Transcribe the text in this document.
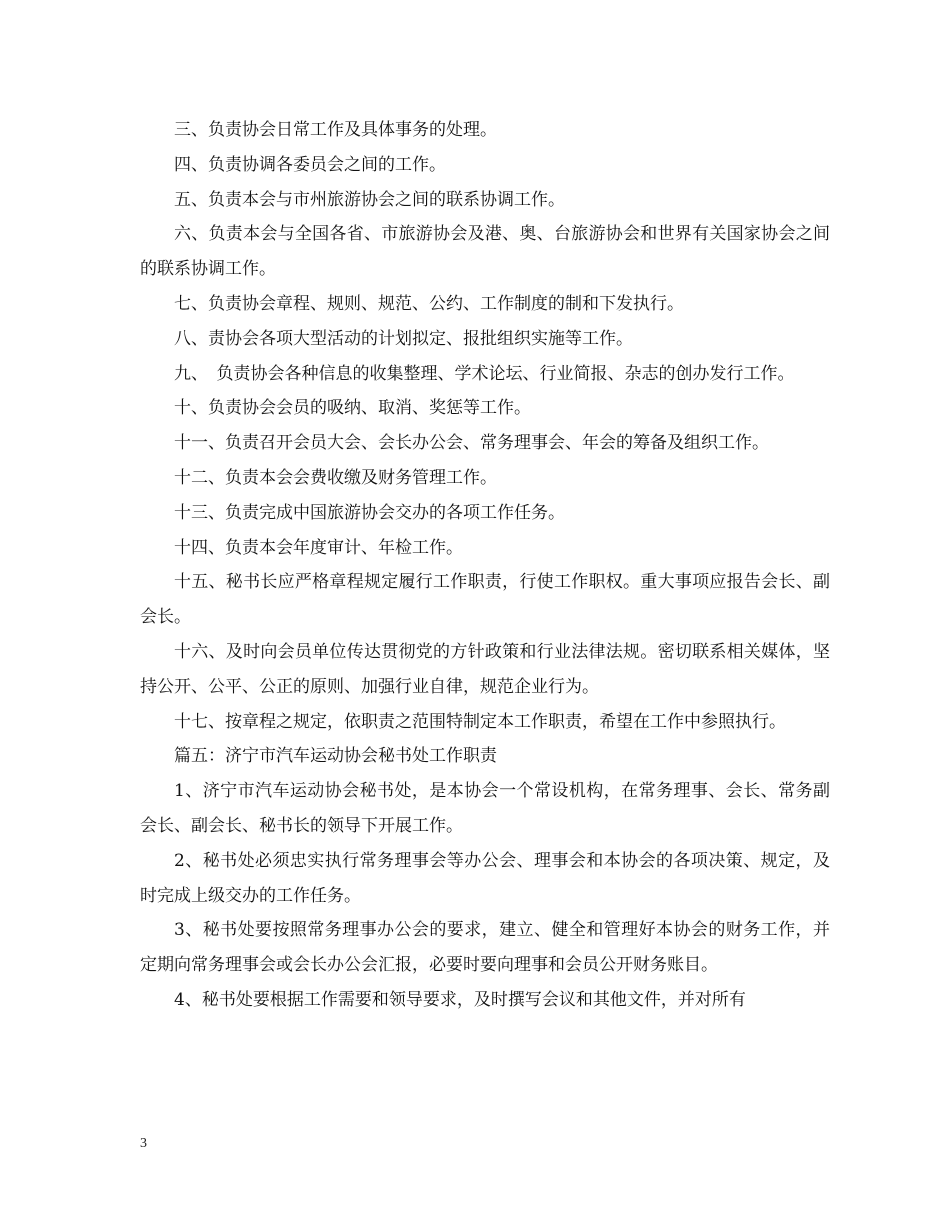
三、负责协会日常工作及具体事务的处理。

四、负责协调各委员会之间的工作。

五、负责本会与市州旅游协会之间的联系协调工作。

六、负责本会与全国各省、市旅游协会及港、奥、台旅游协会和世界有关国家协会之间的联系协调工作。

七、负责协会章程、规则、规范、公约、工作制度的制和下发执行。

八、责协会各项大型活动的计划拟定、报批组织实施等工作。

九、　负责协会各种信息的收集整理、学术论坛、行业简报、杂志的创办发行工作。

十、负责协会会员的吸纳、取消、奖惩等工作。

十一、负责召开会员大会、会长办公会、常务理事会、年会的筹备及组织工作。

十二、负责本会会费收缴及财务管理工作。

十三、负责完成中国旅游协会交办的各项工作任务。

十四、负责本会年度审计、年检工作。

十五、秘书长应严格章程规定履行工作职责，行使工作职权。重大事项应报告会长、副会长。

十六、及时向会员单位传达贯彻党的方针政策和行业法律法规。密切联系相关媒体，坚持公开、公平、公正的原则、加强行业自律，规范企业行为。

十七、按章程之规定，依职责之范围特制定本工作职责，希望在工作中参照执行。

篇五：济宁市汽车运动协会秘书处工作职责

1、济宁市汽车运动协会秘书处，是本协会一个常设机构，在常务理事、会长、常务副会长、副会长、秘书长的领导下开展工作。

2、秘书处必须忠实执行常务理事会等办公会、理事会和本协会的各项决策、规定，及时完成上级交办的工作任务。

3、秘书处要按照常务理事办公会的要求，建立、健全和管理好本协会的财务工作，并定期向常务理事会或会长办公会汇报，必要时要向理事和会员公开财务账目。

4、秘书处要根据工作需要和领导要求，及时撰写会议和其他文件，并对所有

3
